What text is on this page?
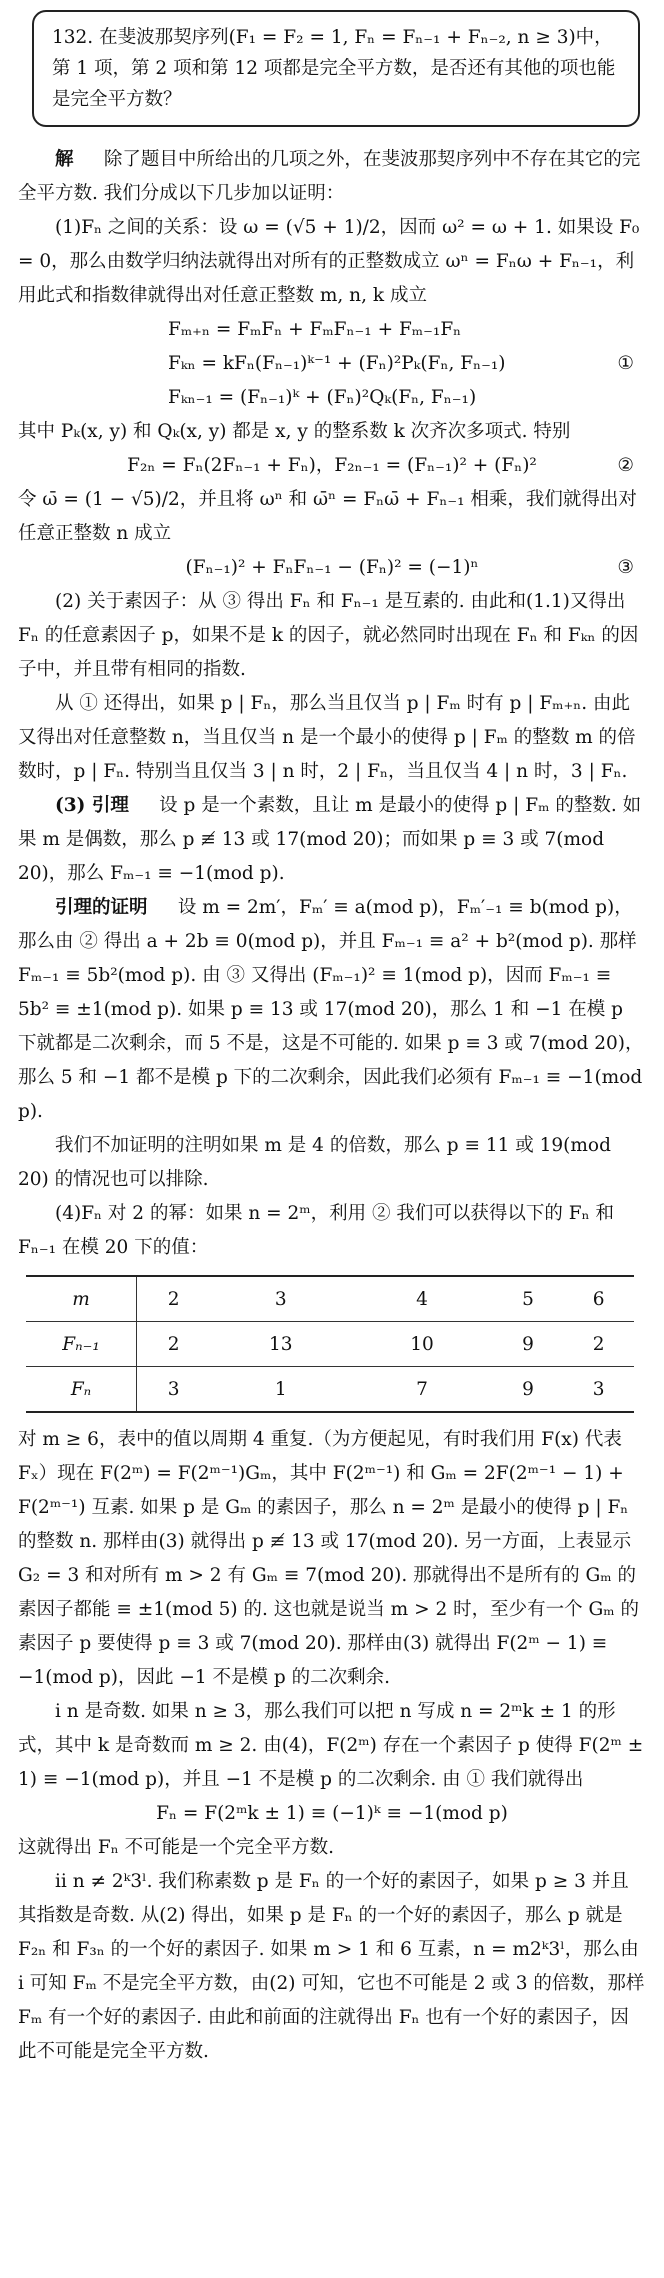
132. 在斐波那契序列(F₁ = F₂ = 1, Fₙ = Fₙ₋₁ + Fₙ₋₂, n ≥ 3)中，第 1 项，第 2 项和第 12 项都是完全平方数，是否还有其他的项也能是完全平方数？

解 　 除了题目中所给出的几项之外，在斐波那契序列中不存在其它的完全平方数. 我们分成以下几步加以证明：

(1)Fₙ 之间的关系：设 ω = (√5 + 1)/2，因而 ω² = ω + 1. 如果设 F₀ = 0，那么由数学归纳法就得出对所有的正整数成立 ωⁿ = Fₙω + Fₙ₋₁，利用此式和指数律就得出对任意正整数 m, n, k 成立

Fₘ₊ₙ = FₘFₙ + FₘFₙ₋₁ + Fₘ₋₁Fₙ
Fₖₙ = kFₙ(Fₙ₋₁)ᵏ⁻¹ + (Fₙ)²Pₖ(Fₙ, Fₙ₋₁)	①
Fₖₙ₋₁ = (Fₙ₋₁)ᵏ + (Fₙ)²Qₖ(Fₙ, Fₙ₋₁)

其中 Pₖ(x, y) 和 Qₖ(x, y) 都是 x, y 的整系数 k 次齐次多项式. 特别

F₂ₙ = Fₙ(2Fₙ₋₁ + Fₙ)，F₂ₙ₋₁ = (Fₙ₋₁)² + (Fₙ)²	②

令 ω̄ = (1 − √5)/2，并且将 ωⁿ 和 ω̄ⁿ = Fₙω̄ + Fₙ₋₁ 相乘，我们就得出对任意正整数 n 成立

(Fₙ₋₁)² + FₙFₙ₋₁ − (Fₙ)² = (−1)ⁿ	③

(2) 关于素因子：从 ③ 得出 Fₙ 和 Fₙ₋₁ 是互素的. 由此和(1.1)又得出 Fₙ 的任意素因子 p，如果不是 k 的因子，就必然同时出现在 Fₙ 和 Fₖₙ 的因子中，并且带有相同的指数.

从 ① 还得出，如果 p | Fₙ，那么当且仅当 p | Fₘ 时有 p | Fₘ₊ₙ. 由此又得出对任意整数 n，当且仅当 n 是一个最小的使得 p | Fₘ 的整数 m 的倍数时，p | Fₙ. 特别当且仅当 3 | n 时，2 | Fₙ，当且仅当 4 | n 时，3 | Fₙ.

(3) 引理 　 设 p 是一个素数，且让 m 是最小的使得 p | Fₘ 的整数. 如果 m 是偶数，那么 p ≢ 13 或 17(mod 20)；而如果 p ≡ 3 或 7(mod 20)，那么 Fₘ₋₁ ≡ −1(mod p).

引理的证明 　 设 m = 2m′，Fₘ′ ≡ a(mod p)，Fₘ′₋₁ ≡ b(mod p)，那么由 ② 得出 a + 2b ≡ 0(mod p)，并且 Fₘ₋₁ ≡ a² + b²(mod p). 那样 Fₘ₋₁ ≡ 5b²(mod p). 由 ③ 又得出 (Fₘ₋₁)² ≡ 1(mod p)，因而 Fₘ₋₁ ≡ 5b² ≡ ±1(mod p). 如果 p ≡ 13 或 17(mod 20)，那么 1 和 −1 在模 p 下就都是二次剩余，而 5 不是，这是不可能的. 如果 p ≡ 3 或 7(mod 20)，那么 5 和 −1 都不是模 p 下的二次剩余，因此我们必须有 Fₘ₋₁ ≡ −1(mod p).

我们不加证明的注明如果 m 是 4 的倍数，那么 p ≡ 11 或 19(mod 20) 的情况也可以排除.

(4)Fₙ 对 2 的幂：如果 n = 2ᵐ，利用 ② 我们可以获得以下的 Fₙ 和 Fₙ₋₁ 在模 20 下的值：

m	2	3	4	5	6
Fₙ₋₁	2	13	10	9	2
Fₙ	3	1	7	9	3

对 m ≥ 6，表中的值以周期 4 重复.（为方便起见，有时我们用 F(x) 代表 Fₓ）现在 F(2ᵐ) = F(2ᵐ⁻¹)Gₘ，其中 F(2ᵐ⁻¹) 和 Gₘ = 2F(2ᵐ⁻¹ − 1) + F(2ᵐ⁻¹) 互素. 如果 p 是 Gₘ 的素因子，那么 n = 2ᵐ 是最小的使得 p | Fₙ 的整数 n. 那样由(3) 就得出 p ≢ 13 或 17(mod 20). 另一方面，上表显示 G₂ = 3 和对所有 m > 2 有 Gₘ ≡ 7(mod 20). 那就得出不是所有的 Gₘ 的素因子都能 ≡ ±1(mod 5) 的. 这也就是说当 m > 2 时，至少有一个 Gₘ 的素因子 p 要使得 p ≡ 3 或 7(mod 20). 那样由(3) 就得出 F(2ᵐ − 1) ≡ −1(mod p)，因此 −1 不是模 p 的二次剩余.

ⅰ n 是奇数. 如果 n ≥ 3，那么我们可以把 n 写成 n = 2ᵐk ± 1 的形式，其中 k 是奇数而 m ≥ 2. 由(4)，F(2ᵐ) 存在一个素因子 p 使得 F(2ᵐ ± 1) ≡ −1(mod p)，并且 −1 不是模 p 的二次剩余. 由 ① 我们就得出

Fₙ = F(2ᵐk ± 1) ≡ (−1)ᵏ ≡ −1(mod p)

这就得出 Fₙ 不可能是一个完全平方数.

ⅱ n ≠ 2ᵏ3ˡ. 我们称素数 p 是 Fₙ 的一个好的素因子，如果 p ≥ 3 并且其指数是奇数. 从(2) 得出，如果 p 是 Fₙ 的一个好的素因子，那么 p 就是 F₂ₙ 和 F₃ₙ 的一个好的素因子. 如果 m > 1 和 6 互素，n = m2ᵏ3ˡ，那么由 ⅰ 可知 Fₘ 不是完全平方数，由(2) 可知，它也不可能是 2 或 3 的倍数，那样 Fₘ 有一个好的素因子. 由此和前面的注就得出 Fₙ 也有一个好的素因子，因此不可能是完全平方数.
